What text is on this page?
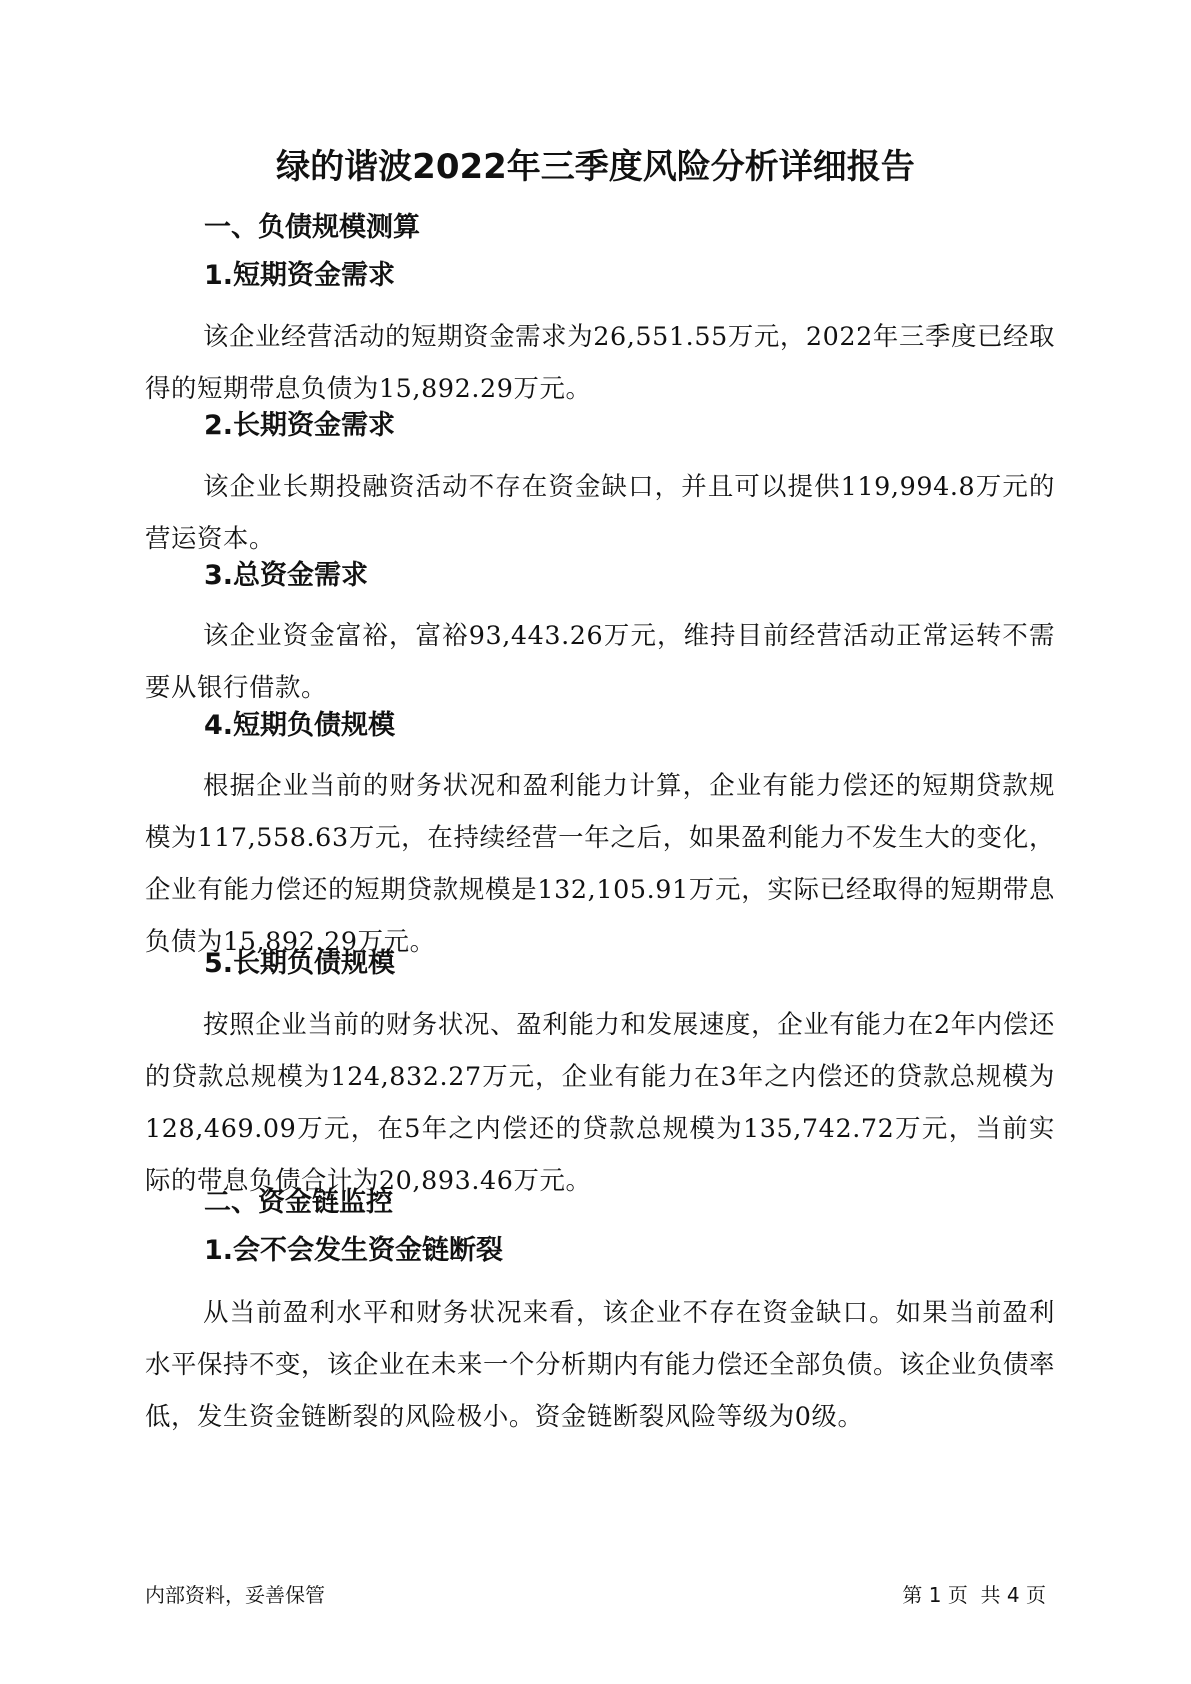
绿的谐波2022年三季度风险分析详细报告
一、负债规模测算
1.短期资金需求
该企业经营活动的短期资金需求为26,551.55万元，2022年三季度已经取得的短期带息负债为15,892.29万元。
2.长期资金需求
该企业长期投融资活动不存在资金缺口，并且可以提供119,994.8万元的营运资本。
3.总资金需求
该企业资金富裕，富裕93,443.26万元，维持目前经营活动正常运转不需要从银行借款。
4.短期负债规模
根据企业当前的财务状况和盈利能力计算，企业有能力偿还的短期贷款规模为117,558.63万元，在持续经营一年之后，如果盈利能力不发生大的变化，企业有能力偿还的短期贷款规模是132,105.91万元，实际已经取得的短期带息负债为15,892.29万元。
5.长期负债规模
按照企业当前的财务状况、盈利能力和发展速度，企业有能力在2年内偿还的贷款总规模为124,832.27万元，企业有能力在3年之内偿还的贷款总规模为128,469.09万元，在5年之内偿还的贷款总规模为135,742.72万元，当前实际的带息负债合计为20,893.46万元。
二、资金链监控
1.会不会发生资金链断裂
从当前盈利水平和财务状况来看，该企业不存在资金缺口。如果当前盈利水平保持不变，该企业在未来一个分析期内有能力偿还全部负债。该企业负债率低，发生资金链断裂的风险极小。资金链断裂风险等级为0级。
内部资料，妥善保管	第 1 页  共 4 页
